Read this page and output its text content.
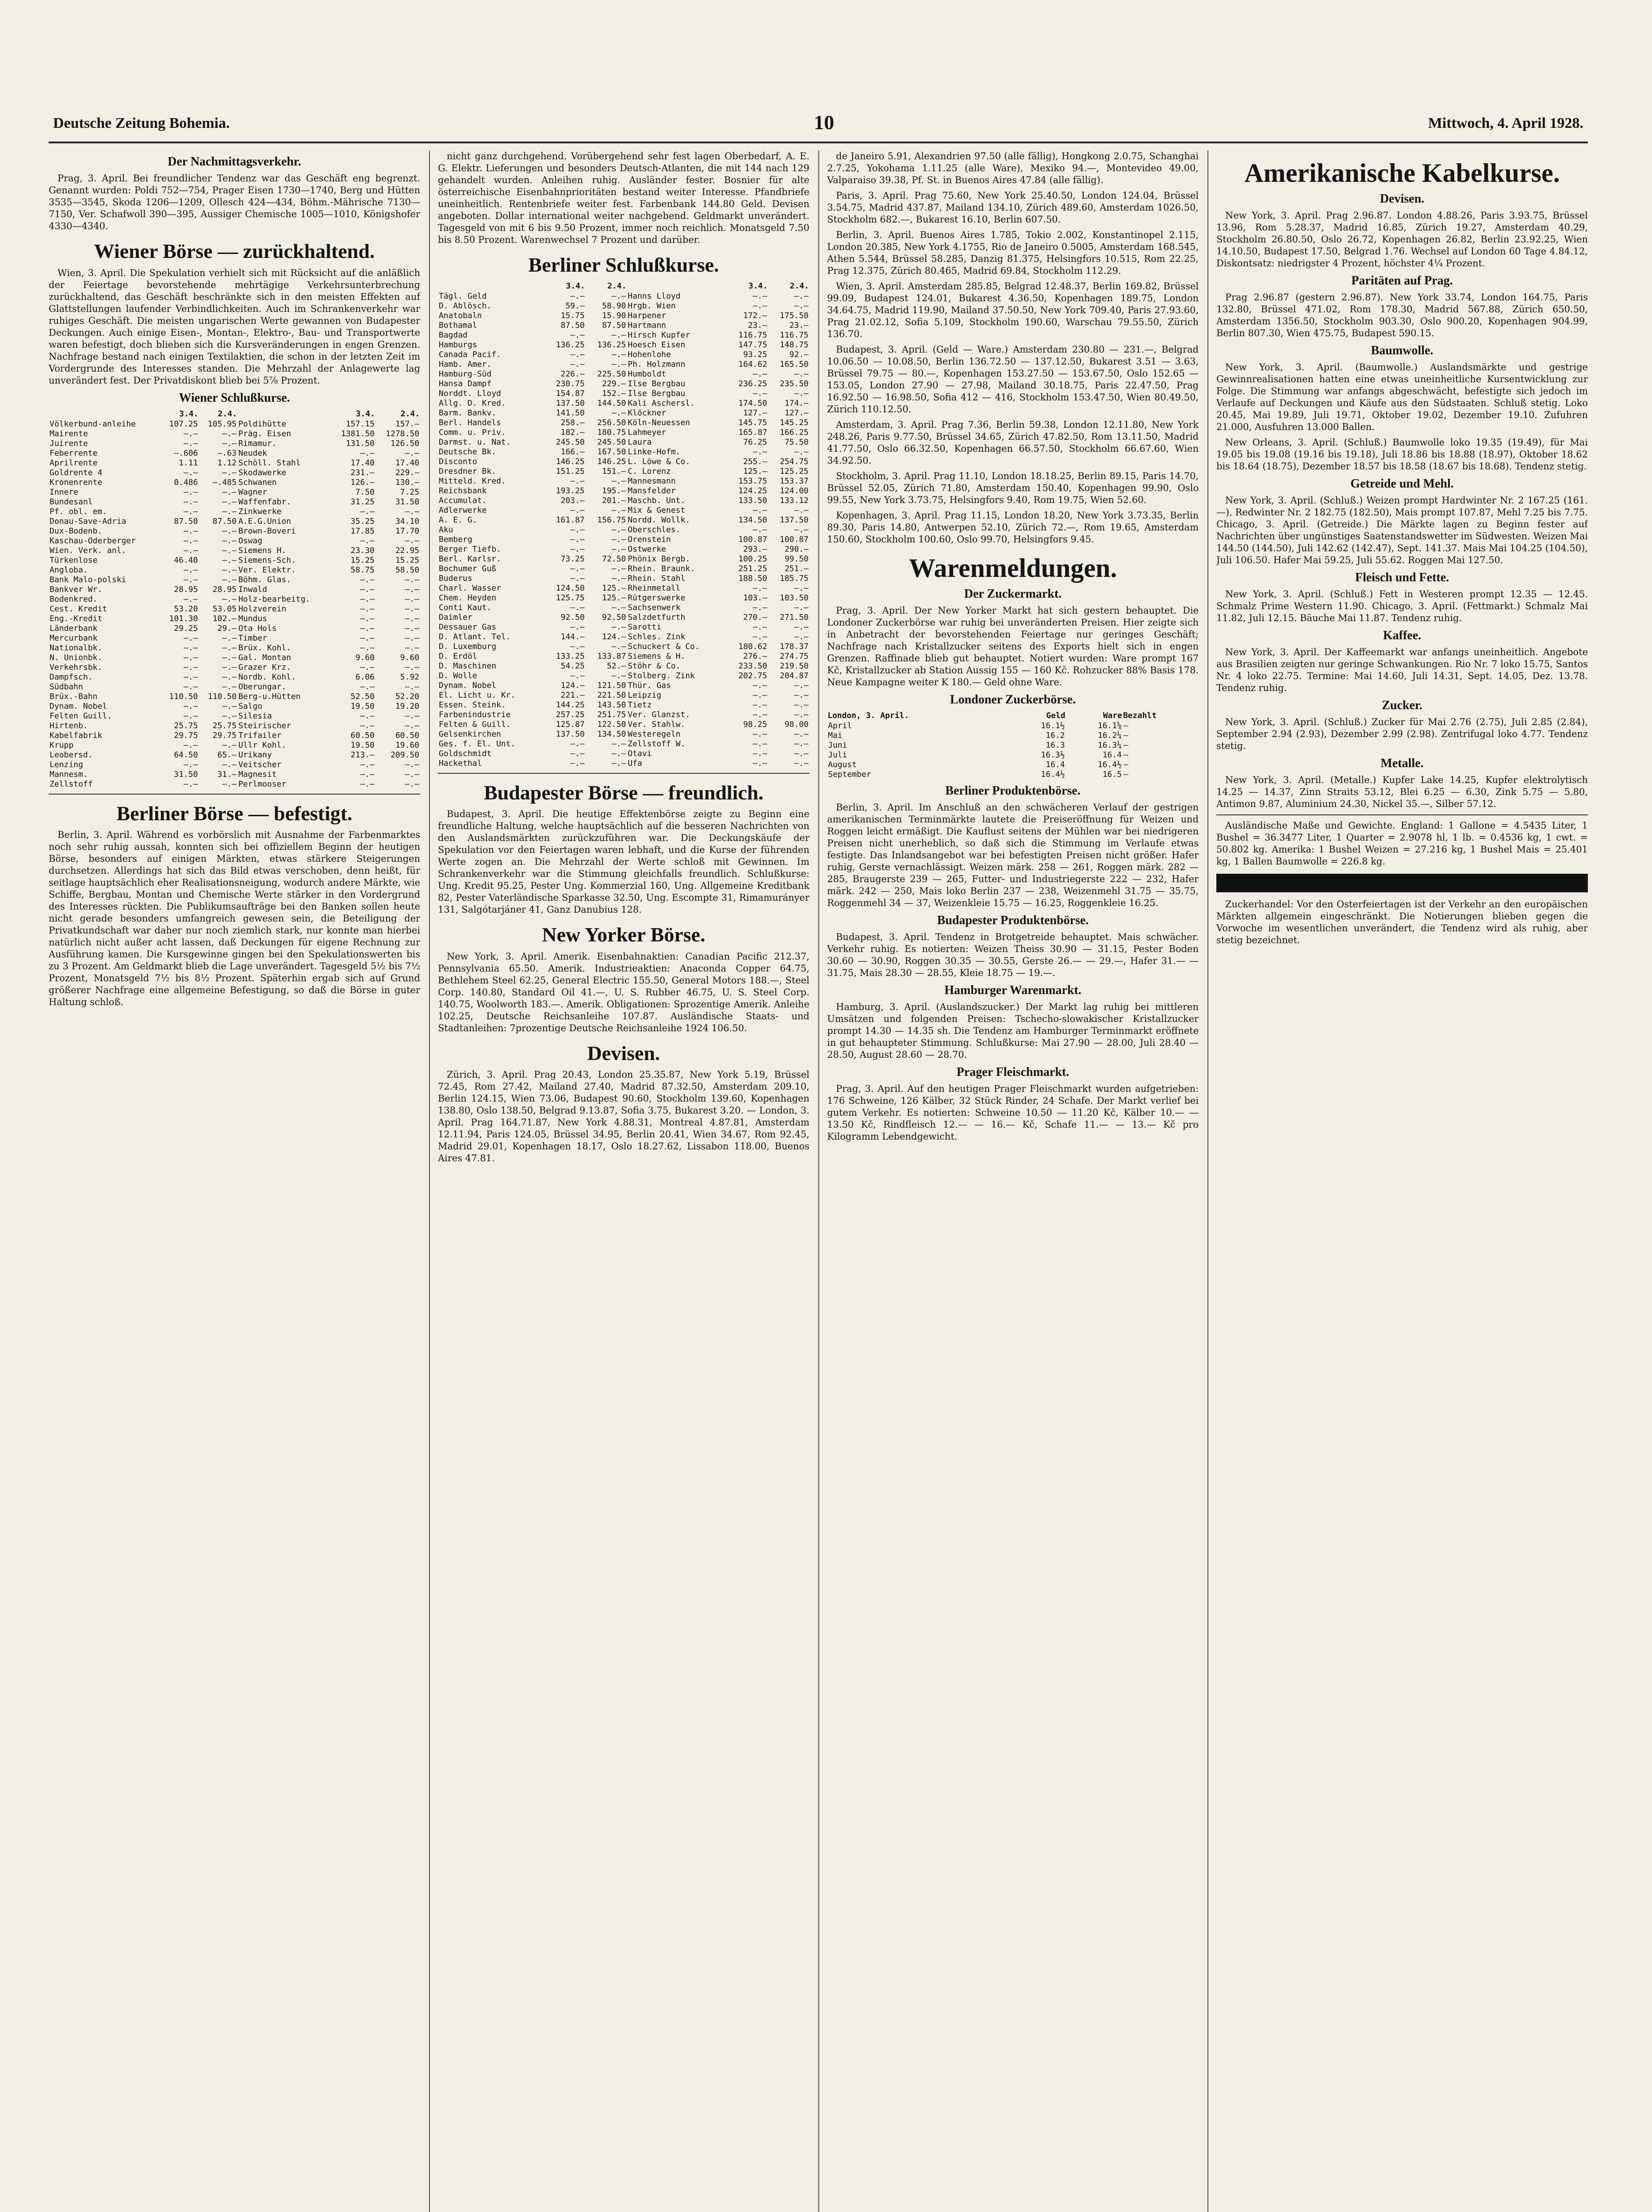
Deutsche Zeitung Bohemia.	10	Mittwoch, 4. April 1928.
Der Nachmittagsverkehr.

Prag, 3. April. Bei freundlicher Tendenz war das Geschäft eng begrenzt. Genannt wurden: Poldi 752—754, Prager Eisen 1730—1740, Berg und Hütten 3535—3545, Skoda 1206—1209, Ollesch 424—434, Böhm.-Mährische 7130—7150, Ver. Schafwoll 390—395, Aussiger Chemische 1005—1010, Königshofer 4330—4340.

Wiener Börse — zurückhaltend.

Wien, 3. April. Die Spekulation verhielt sich mit Rücksicht auf die anläßlich der Feiertage bevorstehende mehrtägige Verkehrsunterbrechung zurückhaltend, das Geschäft beschränkte sich in den meisten Effekten auf Glattstellungen laufender Verbindlichkeiten. Auch im Schrankenverkehr war ruhiges Geschäft. Die meisten ungarischen Werte gewannen von Budapester Deckungen. Auch einige Eisen-, Montan-, Elektro-, Bau- und Transportwerte waren befestigt, doch blieben sich die Kursveränderungen in engen Grenzen. Nachfrage bestand nach einigen Textilaktien, die schon in der letzten Zeit im Vordergrunde des Interesses standen. Die Mehrzahl der Anlagewerte lag unverändert fest. Der Privatdiskont blieb bei 5⅞ Prozent.

Wiener Schlußkurse.
	3.4.	2.4.		3.4.	2.4.
Völkerbund-anleihe	107.25	105.95	Poldihütte	157.15	157.—
Mairente	—.—	—.—	Präg. Eisen	1381.50	1278.50
Juirente	—.—	—.—	Rimamur.	131.50	126.50
Feberrente	—.606	—.63	Neudek	—.—	—.—
Aprilrente	1.11	1.12	Schöll. Stahl	17.40	17.40
Goldrente 4	—.—	—.—	Skodawerke	231.—	229.—
Kronenrente	0.486	—.485	Schwanen	126.—	130.—
Innere	—.—	—.—	Wagner	7.50	7.25
Bundesanl	—.—	—.—	Waffenfabr.	31.25	31.50
Pf. obl. em.	—.—	—.—	Zinkwerke	—.—	—.—
Donau-Save-Adria	87.50	87.50	A.E.G.Union	35.25	34.10
Dux-Bodenb.	—.—	—.—	Brown-Boveri	17.85	17.70
Kaschau-Oderberger	—.—	—.—	Oswag	—.—	—.—
Wien. Verk. anl.	—.—	—.—	Siemens H.	23.30	22.95
Türkenlose	46.40	—.—	Siemens-Sch.	15.25	15.25
Angloba.	—.—	—.—	Ver. Elektr.	58.75	58.50
Bank Malo-polski	—.—	—.—	Böhm. Glas.	—.—	—.—
Bankver Wr.	28.95	28.95	Inwald	—.—	—.—
Bodenkred.	—.—	—.—	Holz-bearbeitg.	—.—	—.—
Cest. Kredit	53.20	53.05	Holzverein	—.—	—.—
Eng.-Kredit	101.30	102.—	Mundus	—.—	—.—
Länderbank	29.25	29.—	Ota Hols	—.—	—.—
Mercurbank	—.—	—.—	Timber	—.—	—.—
Nationalbk.	—.—	—.—	Brüx. Kohl.	—.—	—.—
N. Unionbk.	—.—	—.—	Gal. Montan	9.60	9.60
Verkehrsbk.	—.—	—.—	Grazer Krz.	—.—	—.—
Dampfsch.	—.—	—.—	Nordb. Kohl.	6.06	5.92
Südbahn	—.—	—.—	Oberungar.	—.—	—.—
Brüx.-Bahn	110.50	110.50	Berg-u.Hütten	52.50	52.20
Dynam. Nobel	—.—	—.—	Salgo	19.50	19.20
Felten Guill.	—.—	—.—	Silesia	—.—	—.—
Hirtenb.	25.75	25.75	Steirischer	—.—	—.—
Kabelfabrik	29.75	29.75	Trifailer	60.50	60.50
Krupp	—.—	—.—	Ullr Kohl.	19.50	19.60
Leobersd.	64.50	65.—	Urikany	213.—	209.50
Lenzing	—.—	—.—	Veitscher	—.—	—.—
Mannesm.	31.50	31.—	Magnesit	—.—	—.—
Zellstoff	—.—	—.—	Perlmooser	—.—	—.—
Berliner Börse — befestigt.

Berlin, 3. April. Während es vorbörslich mit Ausnahme der Farbenmarktes noch sehr ruhig aussah, konnten sich bei offiziellem Beginn der heutigen Börse, besonders auf einigen Märkten, etwas stärkere Steigerungen durchsetzen. Allerdings hat sich das Bild etwas verschoben, denn heißt, für seitlage hauptsächlich eher Realisationsneigung, wodurch andere Märkte, wie Schiffe, Bergbau, Montan und Chemische Werte stärker in den Vordergrund des Interesses rückten. Die Publikumsaufträge bei den Banken sollen heute nicht gerade besonders umfangreich gewesen sein, die Beteiligung der Privatkundschaft war daher nur noch ziemlich stark, nur konnte man hierbei natürlich nicht außer acht lassen, daß Deckungen für eigene Rechnung zur Ausführung kamen. Die Kursgewinne gingen bei den Spekulationswerten bis zu 3 Prozent. Am Geldmarkt blieb die Lage unverändert. Tagesgeld 5½ bis 7½ Prozent, Monatsgeld 7½ bis 8½ Prozent. Späterhin ergab sich auf Grund größerer Nachfrage eine allgemeine Befestigung, so daß die Börse in guter Haltung schloß.

nicht ganz durchgehend. Vorübergehend sehr fest lagen Oberbedarf, A. E. G. Elektr. Lieferungen und besonders Deutsch-Atlanten, die mit 144 nach 129 gehandelt wurden. Anleihen ruhig. Ausländer fester. Bosnier für alte österreichische Eisenbahnprioritäten bestand weiter Interesse. Pfandbriefe uneinheitlich. Rentenbriefe weiter fest. Farbenbank 144.80 Geld. Devisen angeboten. Dollar international weiter nachgebend. Geldmarkt unverändert. Tagesgeld von mit 6 bis 9.50 Prozent, immer noch reichlich. Monatsgeld 7.50 bis 8.50 Prozent. Warenwechsel 7 Prozent und darüber.

Berliner Schlußkurse.
	3.4.	2.4.		3.4.	2.4.
Tägl. Geld	—.—	—.—	Hanns Lloyd	—.—	—.—
D. Ablösch.	59.—	58.90	Hrgb. Wien	—.—	—.—
Anatobaln	15.75	15.90	Harpener	172.—	175.50
Bothamal	87.50	87.50	Hartmann	23.—	23.—
Bagdad	—.—	—.—	Hirsch Kupfer	116.75	116.75
Hamburgs	136.25	136.25	Hoesch Eisen	147.75	148.75
Canada Pacif.	—.—	—.—	Hohenlohe	93.25	92.—
Hamb. Amer.	—.—	—.—	Ph. Holzmann	164.62	165.50
Hamburg-Süd	226.—	225.50	Humboldt	—.—	—.—
Hansa Dampf	230.75	229.—	Ilse Bergbau	236.25	235.50
Norddt. Lloyd	154.87	152.—	Ilse Bergbau	—.—	—.—
Allg. D. Kred.	137.50	144.50	Kali Aschersl.	174.50	174.—
Barm. Bankv.	141.50	—.—	Klöckner	127.—	127.—
Berl. Handels	258.—	256.50	Köln-Neuessen	145.75	145.25
Comm. u. Priv.	182.—	180.75	Lahmeyer	165.87	166.25
Darmst. u. Nat.	245.50	245.50	Laura	76.25	75.50
Deutsche Bk.	166.—	167.50	Linke-Hofm.	—.—	—.—
Disconto	146.25	146.25	L. Löwe & Co.	255.—	254.75
Dresdner Bk.	151.25	151.—	C. Lorenz	125.—	125.25
Mitteld. Kred.	—.—	—.—	Mannesmann	153.75	153.37
Reichsbank	193.25	195.—	Mansfelder	124.25	124.00
Accumulat.	203.—	201.—	Maschb. Unt.	133.50	133.12
Adlerwerke	—.—	—.—	Mix & Genest	—.—	—.—
A. E. G.	161.87	156.75	Nordd. Wollk.	134.50	137.50
Aku	—.—	—.—	Oberschles.	—.—	—.—
Bemberg	—.—	—.—	Orenstein	100.87	100.87
Berger Tiefb.	—.—	—.—	Ostwerke	293.—	290.—
Berl. Karlsr.	73.25	72.50	Phönix Bergb.	100.25	99.50
Bochumer Guß	—.—	—.—	Rhein. Braunk.	251.25	251.—
Buderus	—.—	—.—	Rhein. Stahl	188.50	185.75
Charl. Wasser	124.50	125.—	Rheinmetall	—.—	—.—
Chem. Heyden	125.75	125.—	Rütgerswerke	103.—	103.50
Conti Kaut.	—.—	—.—	Sachsenwerk	—.—	—.—
Daimler	92.50	92.50	Salzdetfurth	270.—	271.50
Dessauer Gas	—.—	—.—	Sarotti	—.—	—.—
D. Atlant. Tel.	144.—	124.—	Schles. Zink	—.—	—.—
D. Luxemburg	—.—	—.—	Schuckert & Co.	180.62	178.37
D. Erdöl	133.25	133.87	Siemens & H.	276.—	274.75
D. Maschinen	54.25	52.—	Stöhr & Co.	233.50	219.50
D. Wolle	—.—	—.—	Stolberg. Zink	202.75	204.87
Dynam. Nobel	124.—	121.50	Thür. Gas	—.—	—.—
El. Licht u. Kr.	221.—	221.50	Leipzig	—.—	—.—
Essen. Steink.	144.25	143.50	Tietz	—.—	—.—
Farbenindustrie	257.25	251.75	Ver. Glanzst.	—.—	—.—
Felten & Guill.	125.87	122.50	Ver. Stahlw.	98.25	98.00
Gelsenkirchen	137.50	134.50	Westeregeln	—.—	—.—
Ges. f. El. Unt.	—.—	—.—	Zellstoff W.	—.—	—.—
Goldschmidt	—.—	—.—	Otavi	—.—	—.—
Hackethal	—.—	—.—	Ufa	—.—	—.—
Budapester Börse — freundlich.

Budapest, 3. April. Die heutige Effektenbörse zeigte zu Beginn eine freundliche Haltung, welche hauptsächlich auf die besseren Nachrichten von den Auslandsmärkten zurückzuführen war. Die Deckungskäufe der Spekulation vor den Feiertagen waren lebhaft, und die Kurse der führenden Werte zogen an. Die Mehrzahl der Werte schloß mit Gewinnen. Im Schrankenverkehr war die Stimmung gleichfalls freundlich. Schlußkurse: Ung. Kredit 95.25, Pester Ung. Kommerzial 160, Ung. Allgemeine Kreditbank 82, Pester Vaterländische Sparkasse 32.50, Ung. Escompte 31, Rimamurányer 131, Salgótarjáner 41, Ganz Danubius 128.

New Yorker Börse.

New York, 3. April. Amerik. Eisenbahnaktien: Canadian Pacific 212.37, Pennsylvania 65.50. Amerik. Industrieaktien: Anaconda Copper 64.75, Bethlehem Steel 62.25, General Electric 155.50, General Motors 188.—, Steel Corp. 140.80, Standard Oil 41.—, U. S. Rubber 46.75, U. S. Steel Corp. 140.75, Woolworth 183.—. Amerik. Obligationen: Sprozentige Amerik. Anleihe 102.25, Deutsche Reichsanleihe 107.87. Ausländische Staats- und Stadtanleihen: 7prozentige Deutsche Reichsanleihe 1924 106.50.

Devisen.

Zürich, 3. April. Prag 20.43, London 25.35.87, New York 5.19, Brüssel 72.45, Rom 27.42, Mailand 27.40, Madrid 87.32.50, Amsterdam 209.10, Berlin 124.15, Wien 73.06, Budapest 90.60, Stockholm 139.60, Kopenhagen 138.80, Oslo 138.50, Belgrad 9.13.87, Sofia 3.75, Bukarest 3.20. — London, 3. April. Prag 164.71.87, New York 4.88.31, Montreal 4.87.81, Amsterdam 12.11.94, Paris 124.05, Brüssel 34.95, Berlin 20.41, Wien 34.67, Rom 92.45, Madrid 29.01, Kopenhagen 18.17, Oslo 18.27.62, Lissabon 118.00, Buenos Aires 47.81.

de Janeiro 5.91, Alexandrien 97.50 (alle fällig), Hongkong 2.0.75, Schanghai 2.7.25, Yokohama 1.11.25 (alle Ware), Mexiko 94.—, Montevideo 49.00, Valparaiso 39.38, Pf. St. in Buenos Aires 47.84 (alle fällig).

Paris, 3. April. Prag 75.60, New York 25.40.50, London 124.04, Brüssel 3.54.75, Madrid 437.87, Mailand 134.10, Zürich 489.60, Amsterdam 1026.50, Stockholm 682.—, Bukarest 16.10, Berlin 607.50.

Berlin, 3. April. Buenos Aires 1.785, Tokio 2.002, Konstantinopel 2.115, London 20.385, New York 4.1755, Rio de Janeiro 0.5005, Amsterdam 168.545, Athen 5.544, Brüssel 58.285, Danzig 81.375, Helsingfors 10.515, Rom 22.25, Prag 12.375, Zürich 80.465, Madrid 69.84, Stockholm 112.29.

Wien, 3. April. Amsterdam 285.85, Belgrad 12.48.37, Berlin 169.82, Brüssel 99.09, Budapest 124.01, Bukarest 4.36.50, Kopenhagen 189.75, London 34.64.75, Madrid 119.90, Mailand 37.50.50, New York 709.40, Paris 27.93.60, Prag 21.02.12, Sofia 5.109, Stockholm 190.60, Warschau 79.55.50, Zürich 136.70.

Budapest, 3. April. (Geld — Ware.) Amsterdam 230.80 — 231.—, Belgrad 10.06.50 — 10.08.50, Berlin 136.72.50 — 137.12.50, Bukarest 3.51 — 3.63, Brüssel 79.75 — 80.—, Kopenhagen 153.27.50 — 153.67.50, Oslo 152.65 — 153.05, London 27.90 — 27.98, Mailand 30.18.75, Paris 22.47.50, Prag 16.92.50 — 16.98.50, Sofia 412 — 416, Stockholm 153.47.50, Wien 80.49.50, Zürich 110.12.50.

Amsterdam, 3. April. Prag 7.36, Berlin 59.38, London 12.11.80, New York 248.26, Paris 9.77.50, Brüssel 34.65, Zürich 47.82.50, Rom 13.11.50, Madrid 41.77.50, Oslo 66.32.50, Kopenhagen 66.57.50, Stockholm 66.67.60, Wien 34.92.50.

Stockholm, 3. April. Prag 11.10, London 18.18.25, Berlin 89.15, Paris 14.70, Brüssel 52.05, Zürich 71.80, Amsterdam 150.40, Kopenhagen 99.90, Oslo 99.55, New York 3.73.75, Helsingfors 9.40, Rom 19.75, Wien 52.60.

Kopenhagen, 3. April. Prag 11.15, London 18.20, New York 3.73.35, Berlin 89.30, Paris 14.80, Antwerpen 52.10, Zürich 72.—, Rom 19.65, Amsterdam 150.60, Stockholm 100.60, Oslo 99.70, Helsingfors 9.45.

Warenmeldungen.
Der Zuckermarkt.

Prag, 3. April. Der New Yorker Markt hat sich gestern behauptet. Die Londoner Zuckerbörse war ruhig bei unveränderten Preisen. Hier zeigte sich in Anbetracht der bevorstehenden Feiertage nur geringes Geschäft; Nachfrage nach Kristallzucker seitens des Exports hielt sich in engen Grenzen. Raffinade blieb gut behauptet. Notiert wurden: Ware prompt 167 Kč, Kristallzucker ab Station Aussig 155 — 160 Kč. Rohzucker 88% Basis 178. Neue Kampagne weiter K 180.— Geld ohne Ware.

Londoner Zuckerbörse.
London, 3. April.	Geld	Ware	Bezahlt
April	16.1½	16.1⅝	—
Mai	16.2	16.2¼	—
Juni	16.3	16.3¼	—
Juli	16.3½	16.4	—
August	16.4	16.4½	—
September	16.4½	16.5	—
Berliner Produktenbörse.

Berlin, 3. April. Im Anschluß an den schwächeren Verlauf der gestrigen amerikanischen Terminmärkte lautete die Preiseröffnung für Weizen und Roggen leicht ermäßigt. Die Kauflust seitens der Mühlen war bei niedrigeren Preisen nicht unerheblich, so daß sich die Stimmung im Verlaufe etwas festigte. Das Inlandsangebot war bei befestigten Preisen nicht größer. Hafer ruhig, Gerste vernachlässigt. Weizen märk. 258 — 261, Roggen märk. 282 — 285, Braugerste 239 — 265, Futter- und Industriegerste 222 — 232, Hafer märk. 242 — 250, Mais loko Berlin 237 — 238, Weizenmehl 31.75 — 35.75, Roggenmehl 34 — 37, Weizenkleie 15.75 — 16.25, Roggenkleie 16.25.

Budapester Produktenbörse.

Budapest, 3. April. Tendenz in Brotgetreide behauptet. Mais schwächer. Verkehr ruhig. Es notierten: Weizen Theiss 30.90 — 31.15, Pester Boden 30.60 — 30.90, Roggen 30.35 — 30.55, Gerste 26.— — 29.—, Hafer 31.— — 31.75, Mais 28.30 — 28.55, Kleie 18.75 — 19.—.

Hamburger Warenmarkt.

Hamburg, 3. April. (Auslandszucker.) Der Markt lag ruhig bei mittleren Umsätzen und folgenden Preisen: Tschecho-slowakischer Kristallzucker prompt 14.30 — 14.35 sh. Die Tendenz am Hamburger Terminmarkt eröffnete in gut behaupteter Stimmung. Schlußkurse: Mai 27.90 — 28.00, Juli 28.40 — 28.50, August 28.60 — 28.70.

Prager Fleischmarkt.

Prag, 3. April. Auf den heutigen Prager Fleischmarkt wurden aufgetrieben: 176 Schweine, 126 Kälber, 32 Stück Rinder, 24 Schafe. Der Markt verlief bei gutem Verkehr. Es notierten: Schweine 10.50 — 11.20 Kč, Kälber 10.— — 13.50 Kč, Rindfleisch 12.— — 16.— Kč, Schafe 11.— — 13.— Kč pro Kilogramm Lebendgewicht.

Amerikanische Kabelkurse.
Devisen.

New York, 3. April. Prag 2.96.87. London 4.88.26, Paris 3.93.75, Brüssel 13.96, Rom 5.28.37, Madrid 16.85, Zürich 19.27, Amsterdam 40.29, Stockholm 26.80.50, Oslo 26.72, Kopenhagen 26.82, Berlin 23.92.25, Wien 14.10.50, Budapest 17.50, Belgrad 1.76. Wechsel auf London 60 Tage 4.84.12, Diskontsatz: niedrigster 4 Prozent, höchster 4¼ Prozent.

Paritäten auf Prag.

Prag 2.96.87 (gestern 2.96.87). New York 33.74, London 164.75, Paris 132.80, Brüssel 471.02, Rom 178.30, Madrid 567.88, Zürich 650.50, Amsterdam 1356.50, Stockholm 903.30, Oslo 900.20, Kopenhagen 904.99, Berlin 807.30, Wien 475.75, Budapest 590.15.

Baumwolle.

New York, 3. April. (Baumwolle.) Auslandsmärkte und gestrige Gewinnrealisationen hatten eine etwas uneinheitliche Kursentwicklung zur Folge. Die Stimmung war anfangs abgeschwächt, befestigte sich jedoch im Verlaufe auf Deckungen und Käufe aus den Südstaaten. Schluß stetig. Loko 20.45, Mai 19.89, Juli 19.71, Oktober 19.02, Dezember 19.10. Zufuhren 21.000, Ausfuhren 13.000 Ballen.

New Orleans, 3. April. (Schluß.) Baumwolle loko 19.35 (19.49), für Mai 19.05 bis 19.08 (19.16 bis 19.18), Juli 18.86 bis 18.88 (18.97), Oktober 18.62 bis 18.64 (18.75), Dezember 18.57 bis 18.58 (18.67 bis 18.68). Tendenz stetig.

Getreide und Mehl.

New York, 3. April. (Schluß.) Weizen prompt Hardwinter Nr. 2 167.25 (161.—), Redwinter Nr. 2 182.75 (182.50), Mais prompt 107.87, Mehl 7.25 bis 7.75. Chicago, 3. April. (Getreide.) Die Märkte lagen zu Beginn fester auf Nachrichten über ungünstiges Saatenstandswetter im Südwesten. Weizen Mai 144.50 (144.50), Juli 142.62 (142.47), Sept. 141.37. Mais Mai 104.25 (104.50), Juli 106.50. Hafer Mai 59.25, Juli 55.62. Roggen Mai 127.50.

Fleisch und Fette.

New York, 3. April. (Schluß.) Fett in Westeren prompt 12.35 — 12.45. Schmalz Prime Western 11.90. Chicago, 3. April. (Fettmarkt.) Schmalz Mai 11.82, Juli 12.15. Bäuche Mai 11.87. Tendenz ruhig.

Kaffee.

New York, 3. April. Der Kaffeemarkt war anfangs uneinheitlich. Angebote aus Brasilien zeigten nur geringe Schwankungen. Rio Nr. 7 loko 15.75, Santos Nr. 4 loko 22.75. Termine: Mai 14.60, Juli 14.31, Sept. 14.05, Dez. 13.78. Tendenz ruhig.

Zucker.

New York, 3. April. (Schluß.) Zucker für Mai 2.76 (2.75), Juli 2.85 (2.84), September 2.94 (2.93), Dezember 2.99 (2.98). Zentrifugal loko 4.77. Tendenz stetig.

Metalle.

New York, 3. April. (Metalle.) Kupfer Lake 14.25, Kupfer elektrolytisch 14.25 — 14.37, Zinn Straits 53.12, Blei 6.25 — 6.30, Zink 5.75 — 5.80, Antimon 9.87, Aluminium 24.30, Nickel 35.—, Silber 57.12.

Ausländische Maße und Gewichte. England: 1 Gallone = 4.5435 Liter, 1 Bushel = 36.3477 Liter, 1 Quarter = 2.9078 hl, 1 lb. = 0.4536 kg, 1 cwt. = 50.802 kg. Amerika: 1 Bushel Weizen = 27.216 kg, 1 Bushel Mais = 25.401 kg, 1 Ballen Baumwolle = 226.8 kg.

Zuckerhandel: Vor den Osterfeiertagen ist der Verkehr an den europäischen Märkten allgemein eingeschränkt. Die Notierungen blieben gegen die Vorwoche im wesentlichen unverändert, die Tendenz wird als ruhig, aber stetig bezeichnet.
